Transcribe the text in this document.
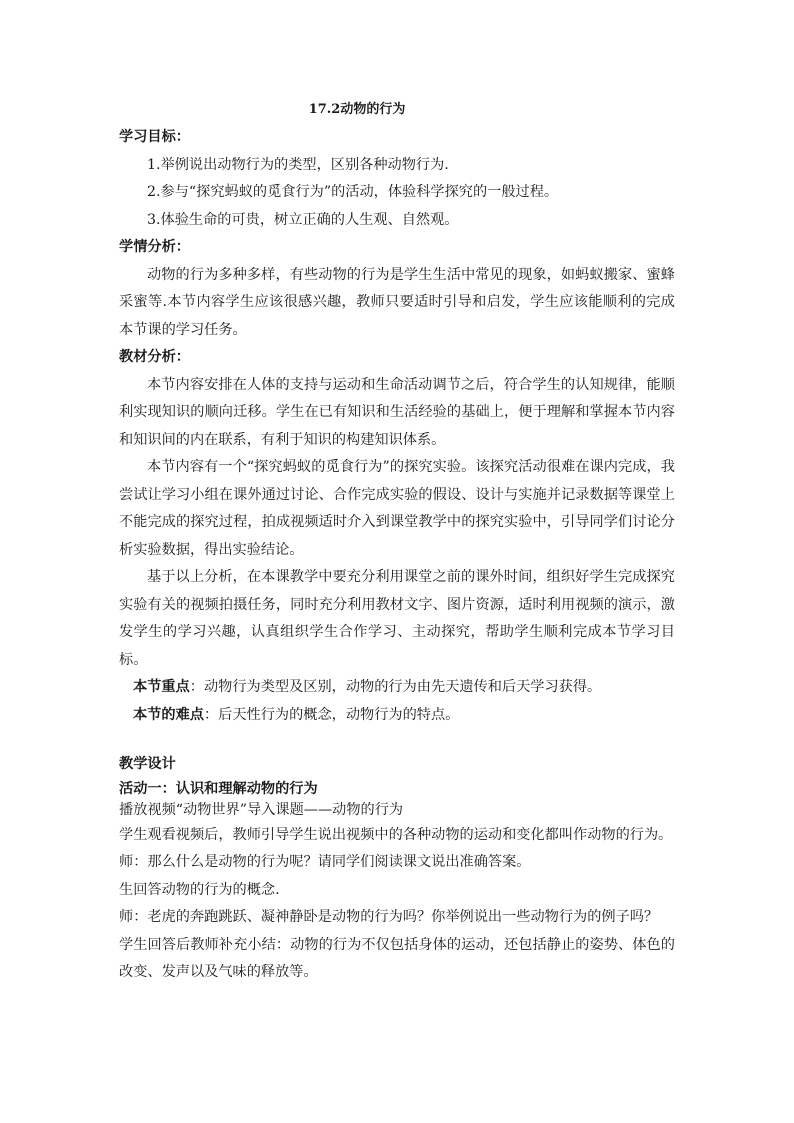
17.2动物的行为

学习目标：

1.举例说出动物行为的类型，区别各种动物行为.

2.参与“探究蚂蚁的觅食行为”的活动，体验科学探究的一般过程。

3.体验生命的可贵，树立正确的人生观、自然观。

学情分析：

动物的行为多种多样，有些动物的行为是学生生活中常见的现象，如蚂蚁搬家、蜜蜂采蜜等.本节内容学生应该很感兴趣，教师只要适时引导和启发，学生应该能顺利的完成本节课的学习任务。

教材分析：

本节内容安排在人体的支持与运动和生命活动调节之后，符合学生的认知规律，能顺利实现知识的顺向迁移。学生在已有知识和生活经验的基础上，便于理解和掌握本节内容和知识间的内在联系，有利于知识的构建知识体系。

本节内容有一个“探究蚂蚁的觅食行为”的探究实验。该探究活动很难在课内完成，我尝试让学习小组在课外通过讨论、合作完成实验的假设、设计与实施并记录数据等课堂上不能完成的探究过程，拍成视频适时介入到课堂教学中的探究实验中，引导同学们讨论分析实验数据，得出实验结论。

基于以上分析，在本课教学中要充分利用课堂之前的课外时间，组织好学生完成探究实验有关的视频拍摄任务，同时充分利用教材文字、图片资源，适时利用视频的演示，激发学生的学习兴趣，认真组织学生合作学习、主动探究，帮助学生顺利完成本节学习目标。

本节重点：动物行为类型及区别，动物的行为由先天遗传和后天学习获得。

本节的难点：后天性行为的概念，动物行为的特点。

教学设计

活动一：认识和理解动物的行为

播放视频“动物世界”导入课题——动物的行为

学生观看视频后，教师引导学生说出视频中的各种动物的运动和变化都叫作动物的行为。

师：那么什么是动物的行为呢？请同学们阅读课文说出准确答案。

生回答动物的行为的概念.

师：老虎的奔跑跳跃、凝神静卧是动物的行为吗？你举例说出一些动物行为的例子吗？

学生回答后教师补充小结：动物的行为不仅包括身体的运动，还包括静止的姿势、体色的改变、发声以及气味的释放等。
